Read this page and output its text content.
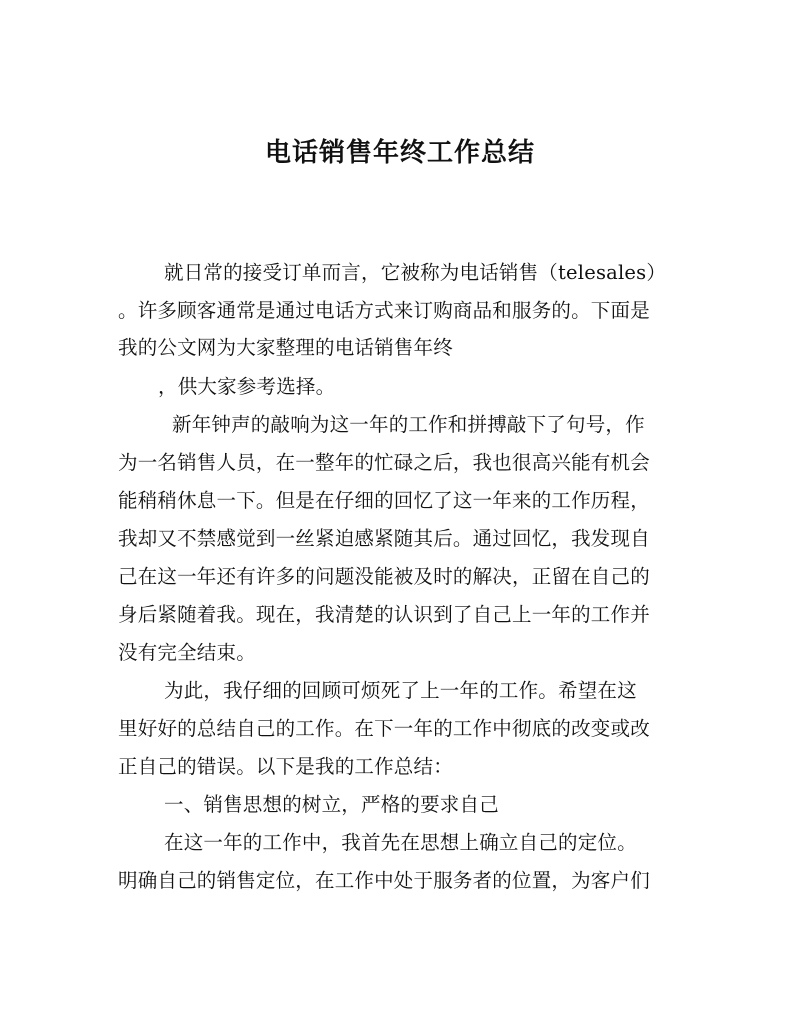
电话销售年终工作总结
就日常的接受订单而言，它被称为电话销售（telesales）
。许多顾客通常是通过电话方式来订购商品和服务的。下面是
我的公文网为大家整理的电话销售年终
，供大家参考选择。
新年钟声的敲响为这一年的工作和拼搏敲下了句号，作
为一名销售人员，在一整年的忙碌之后，我也很高兴能有机会
能稍稍休息一下。但是在仔细的回忆了这一年来的工作历程，
我却又不禁感觉到一丝紧迫感紧随其后。通过回忆，我发现自
己在这一年还有许多的问题没能被及时的解决，正留在自己的
身后紧随着我。现在，我清楚的认识到了自己上一年的工作并
没有完全结束。
为此，我仔细的回顾可烦死了上一年的工作。希望在这
里好好的总结自己的工作。在下一年的工作中彻底的改变或改
正自己的错误。以下是我的工作总结：
一、销售思想的树立，严格的要求自己
在这一年的工作中，我首先在思想上确立自己的定位。
明确自己的销售定位，在工作中处于服务者的位置，为客户们
